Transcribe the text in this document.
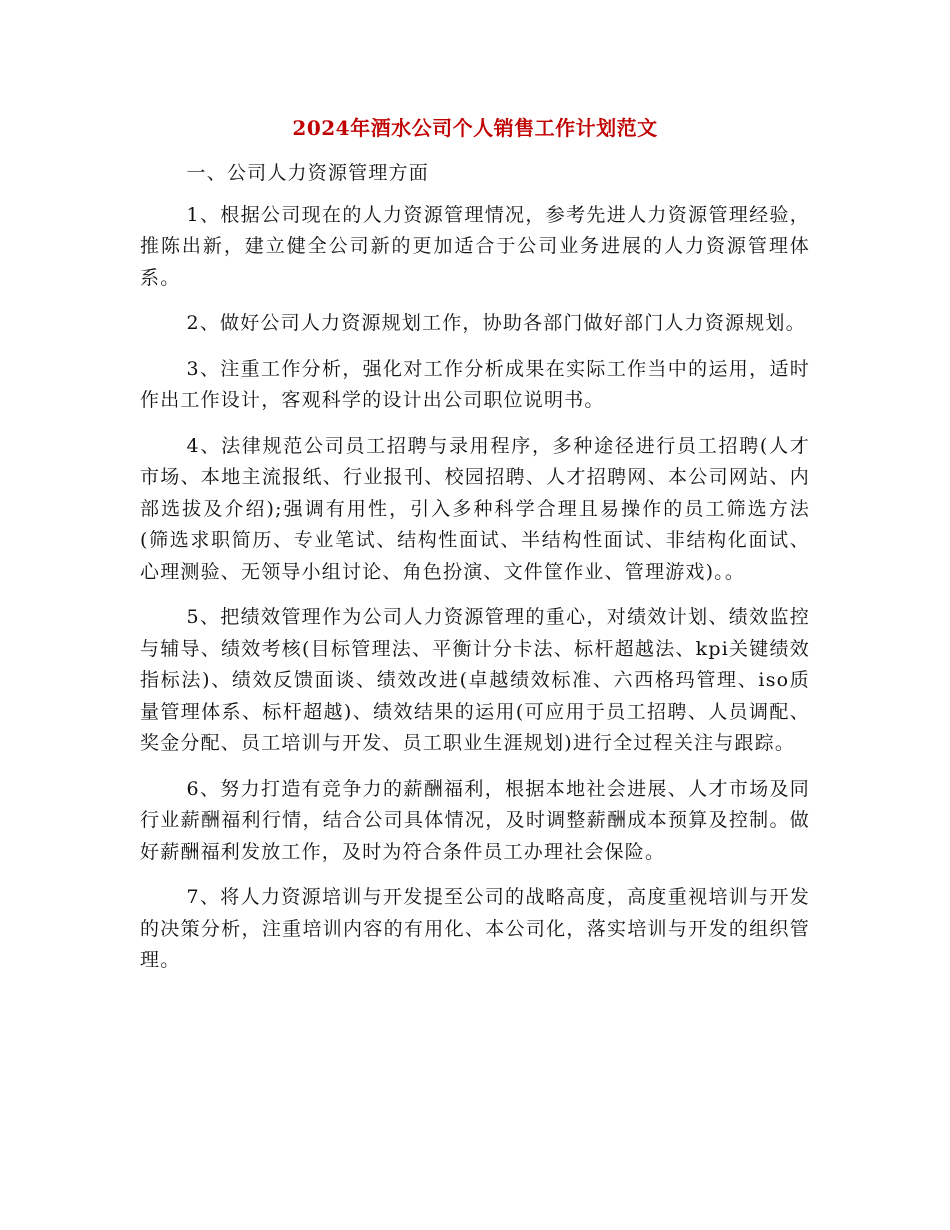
2024年酒水公司个人销售工作计划范文

一、公司人力资源管理方面

1、根据公司现在的人力资源管理情况，参考先进人力资源管理经验，推陈出新，建立健全公司新的更加适合于公司业务进展的人力资源管理体系。

2、做好公司人力资源规划工作，协助各部门做好部门人力资源规划。

3、注重工作分析，强化对工作分析成果在实际工作当中的运用，适时作出工作设计，客观科学的设计出公司职位说明书。

4、法律规范公司员工招聘与录用程序，多种途径进行员工招聘(人才市场、本地主流报纸、行业报刊、校园招聘、人才招聘网、本公司网站、内部选拔及介绍);强调有用性，引入多种科学合理且易操作的员工筛选方法(筛选求职简历、专业笔试、结构性面试、半结构性面试、非结构化面试、心理测验、无领导小组讨论、角色扮演、文件筐作业、管理游戏)。。

5、把绩效管理作为公司人力资源管理的重心，对绩效计划、绩效监控与辅导、绩效考核(目标管理法、平衡计分卡法、标杆超越法、kpi关键绩效指标法)、绩效反馈面谈、绩效改进(卓越绩效标准、六西格玛管理、iso质量管理体系、标杆超越)、绩效结果的运用(可应用于员工招聘、人员调配、奖金分配、员工培训与开发、员工职业生涯规划)进行全过程关注与跟踪。

6、努力打造有竞争力的薪酬福利，根据本地社会进展、人才市场及同行业薪酬福利行情，结合公司具体情况，及时调整薪酬成本预算及控制。做好薪酬福利发放工作，及时为符合条件员工办理社会保险。

7、将人力资源培训与开发提至公司的战略高度，高度重视培训与开发的决策分析，注重培训内容的有用化、本公司化，落实培训与开发的组织管理。
